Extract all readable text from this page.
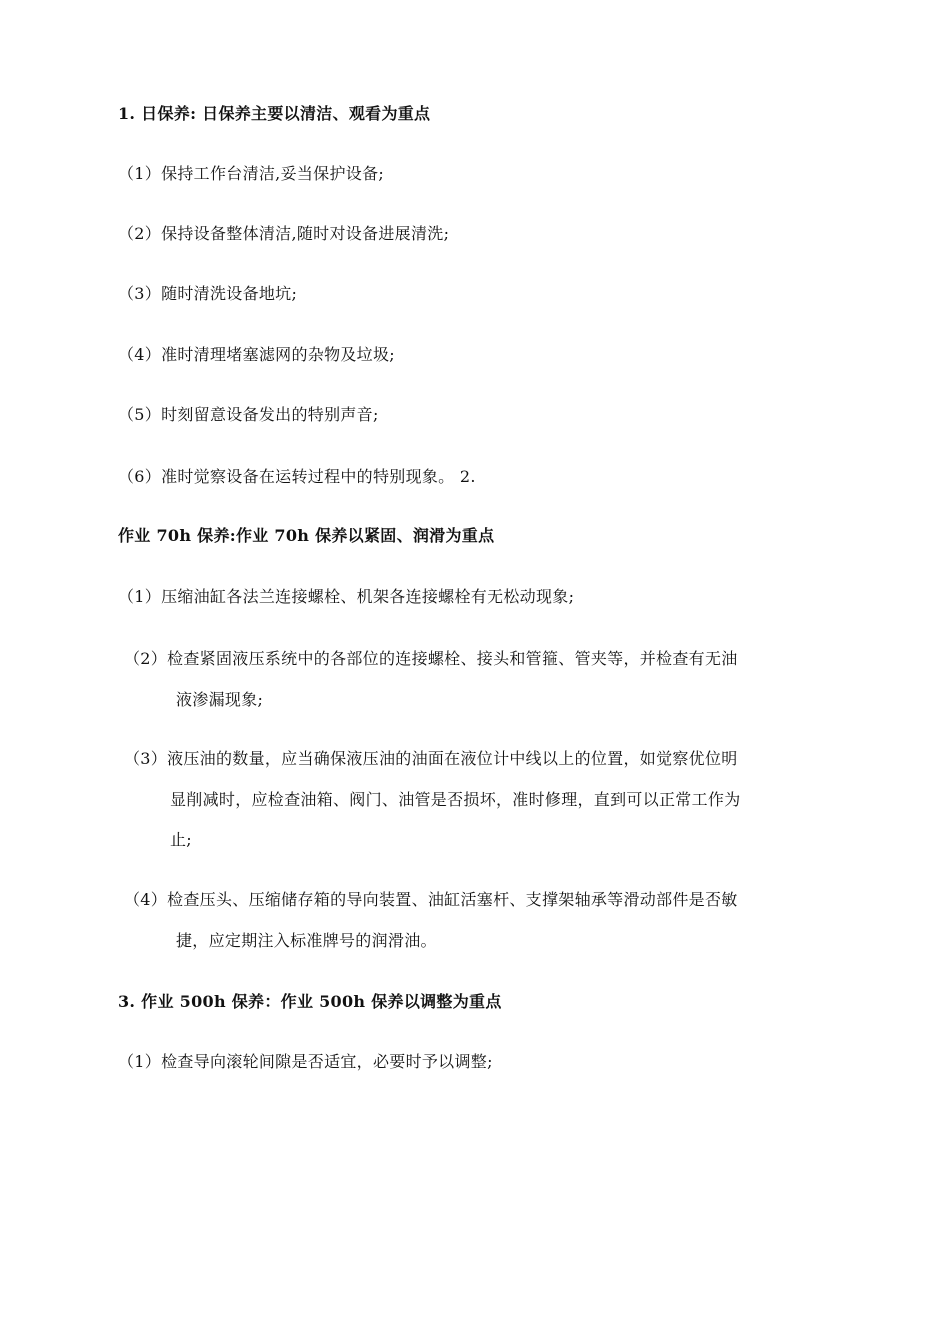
1. 日保养: 日保养主要以清洁、观看为重点
（1）保持工作台清洁,妥当保护设备;
（2）保持设备整体清洁,随时对设备进展清洗;
（3）随时清洗设备地坑;
（4）准时清理堵塞滤网的杂物及垃圾;
（5）时刻留意设备发出的特别声音;
（6）准时觉察设备在运转过程中的特别现象。 2.
作业 70h 保养:作业 70h 保养以紧固、润滑为重点
（1）压缩油缸各法兰连接螺栓、机架各连接螺栓有无松动现象;
（2）检查紧固液压系统中的各部位的连接螺栓、接头和管箍、管夹等，并检查有无油
液渗漏现象;
（3）液压油的数量，应当确保液压油的油面在液位计中线以上的位置，如觉察优位明
显削减时，应检查油箱、阀门、油管是否损坏，准时修理，直到可以正常工作为
止;
（4）检查压头、压缩储存箱的导向装置、油缸活塞杆、支撑架轴承等滑动部件是否敏
捷，应定期注入标准牌号的润滑油。
3. 作业 500h 保养：作业 500h 保养以调整为重点
（1）检查导向滚轮间隙是否适宜，必要时予以调整;
